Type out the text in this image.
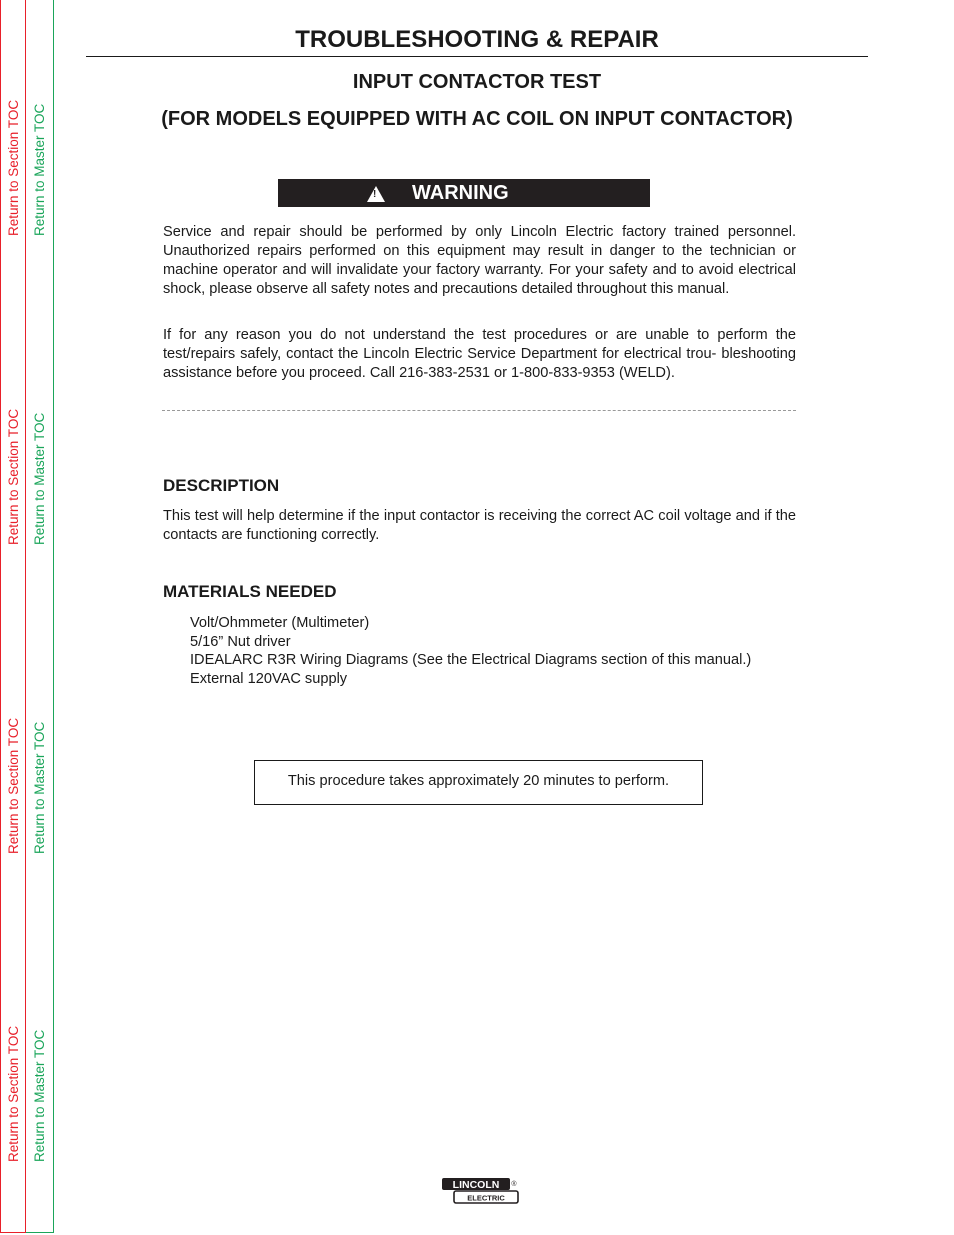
Return to Section TOC Return to Master TOC
Return to Section TOC Return to Master TOC
Return to Section TOC Return to Master TOC
Return to Section TOC Return to Master TOC
TROUBLESHOOTING & REPAIR
INPUT CONTACTOR TEST
(FOR MODELS EQUIPPED WITH AC COIL ON INPUT CONTACTOR)
! WARNING

Service and repair should be performed by only Lincoln Electric factory trained personnel. Unauthorized repairs performed on this equipment may result in danger to the technician or machine operator and will invalidate your factory warranty. For your safety and to avoid electrical shock, please observe all safety notes and precautions detailed throughout this manual.

If for any reason you do not understand the test procedures or are unable to perform the test/repairs safely, contact the Lincoln Electric Service Department for electrical trou- bleshooting assistance before you proceed. Call 216-383-2531 or 1-800-833-9353 (WELD).

DESCRIPTION

This test will help determine if the input contactor is receiving the correct AC coil voltage and if the contacts are functioning correctly.

MATERIALS NEEDED
Volt/Ohmmeter (Multimeter)
5/16” Nut driver
IDEALARC R3R Wiring Diagrams (See the Electrical Diagrams section of this manual.)
External 120VAC supply
This procedure takes approximately 20 minutes to perform.
LINCOLN ®
ELECTRIC
